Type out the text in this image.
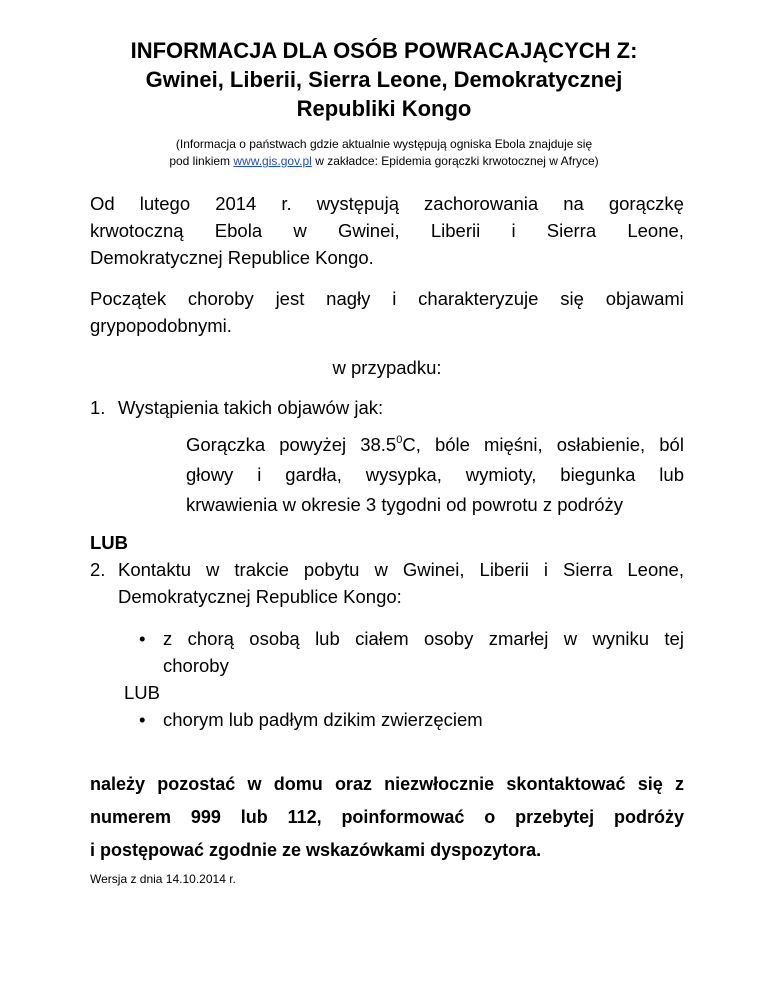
INFORMACJA DLA OSÓB POWRACAJĄCYCH Z:
Gwinei, Liberii, Sierra Leone, Demokratycznej
Republiki Kongo
(Informacja o państwach gdzie aktualnie występują ogniska Ebola znajduje się
pod linkiem www.gis.gov.pl w zakładce: Epidemia gorączki krwotocznej w Afryce)
Od lutego 2014 r. występują zachorowania na gorączkę
krwotoczną Ebola w Gwinei, Liberii i Sierra Leone,
Demokratycznej Republice Kongo.
Początek choroby jest nagły i charakteryzuje się objawami
grypopodobnymi.
w przypadku:
1. Wystąpienia takich objawów jak:
Gorączka powyżej 38.5$^0$C, bóle mięśni, osłabienie, ból
głowy i gardła, wysypka, wymioty, biegunka lub
krwawienia w okresie 3 tygodni od powrotu z podróży
LUB
2. Kontaktu w trakcie pobytu w Gwinei, Liberii i Sierra Leone,
Demokratycznej Republice Kongo:
• z chorą osobą lub ciałem osoby zmarłej w wyniku tej
choroby
LUB
• chorym lub padłym dzikim zwierzęciem
należy pozostać w domu oraz niezwłocznie skontaktować się z
numerem 999 lub 112, poinformować o przebytej podróży
i postępować zgodnie ze wskazówkami dyspozytora.
Wersja z dnia 14.10.2014 r.
